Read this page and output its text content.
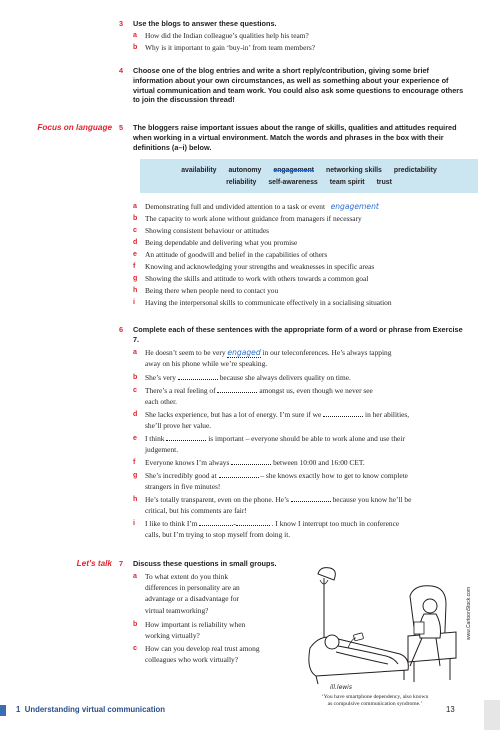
3	Use the blogs to answer these questions.
a	How did the Indian colleague’s qualities help his team?
b	Why is it important to gain ‘buy-in’ from team members?
4	Choose one of the blog entries and write a short reply/contribution, giving some brief information about your own circumstances, as well as something about your experience of virtual communication and team work. You could also ask some questions to encourage others to join the discussion thread!
Focus on language 5	The bloggers raise important issues about the range of skills, qualities and attitudes required when working in a virtual environment. Match the words and phrases in the box with their definitions (a–i) below.
availability autonomy engagement networking skills predictability
reliability self-awareness team spirit trust
a	Demonstrating full and undivided attention to a task or event engagement
b	The capacity to work alone without guidance from managers if necessary
c	Showing consistent behaviour or attitudes
d	Being dependable and delivering what you promise
e	An attitude of goodwill and belief in the capabilities of others
f	Knowing and acknowledging your strengths and weaknesses in specific areas
g	Showing the skills and attitude to work with others towards a common goal
h	Being there when people need to contact you
i	Having the interpersonal skills to communicate effectively in a socialising situation
6	Complete each of these sentences with the appropriate form of a word or phrase from Exercise 7.
a	He doesn’t seem to be very engaged in our teleconferences. He’s always tapping
away on his phone while we’re speaking.
b	She’s very	because she always delivers quality on time.
c	There’s a real feeling of	amongst us, even though we never see
each other.
d	She lacks experience, but has a lot of energy. I’m sure if we	in her abilities,
she’ll prove her value.
e	I think	is important – everyone should be able to work alone and use their
judgement.
f	Everyone knows I’m always	between 10:00 and 16:00 CET.
g	She’s incredibly good at	– she knows exactly how to get to know complete
strangers in five minutes!
h	He’s totally transparent, even on the phone. He’s	because you know he’ll be
critical, but his comments are fair!
i	I like to think I’m	-	. I know I interrupt too much in conference
calls, but I’m trying to stop myself from doing it.
Let’s talk 7	Discuss these questions in small groups.
a	To what extent do you think
differences in personality are an
advantage or a disadvantage for
virtual teamworking?
b	How important is reliability when
working virtually?
c	How can you develop real trust among
colleagues who work virtually?
ill.lewis
‘You have smartphone dependency, also known
as compulsive communication syndrome.’
www.CartoonStock.com
1 Understanding virtual communication	13
